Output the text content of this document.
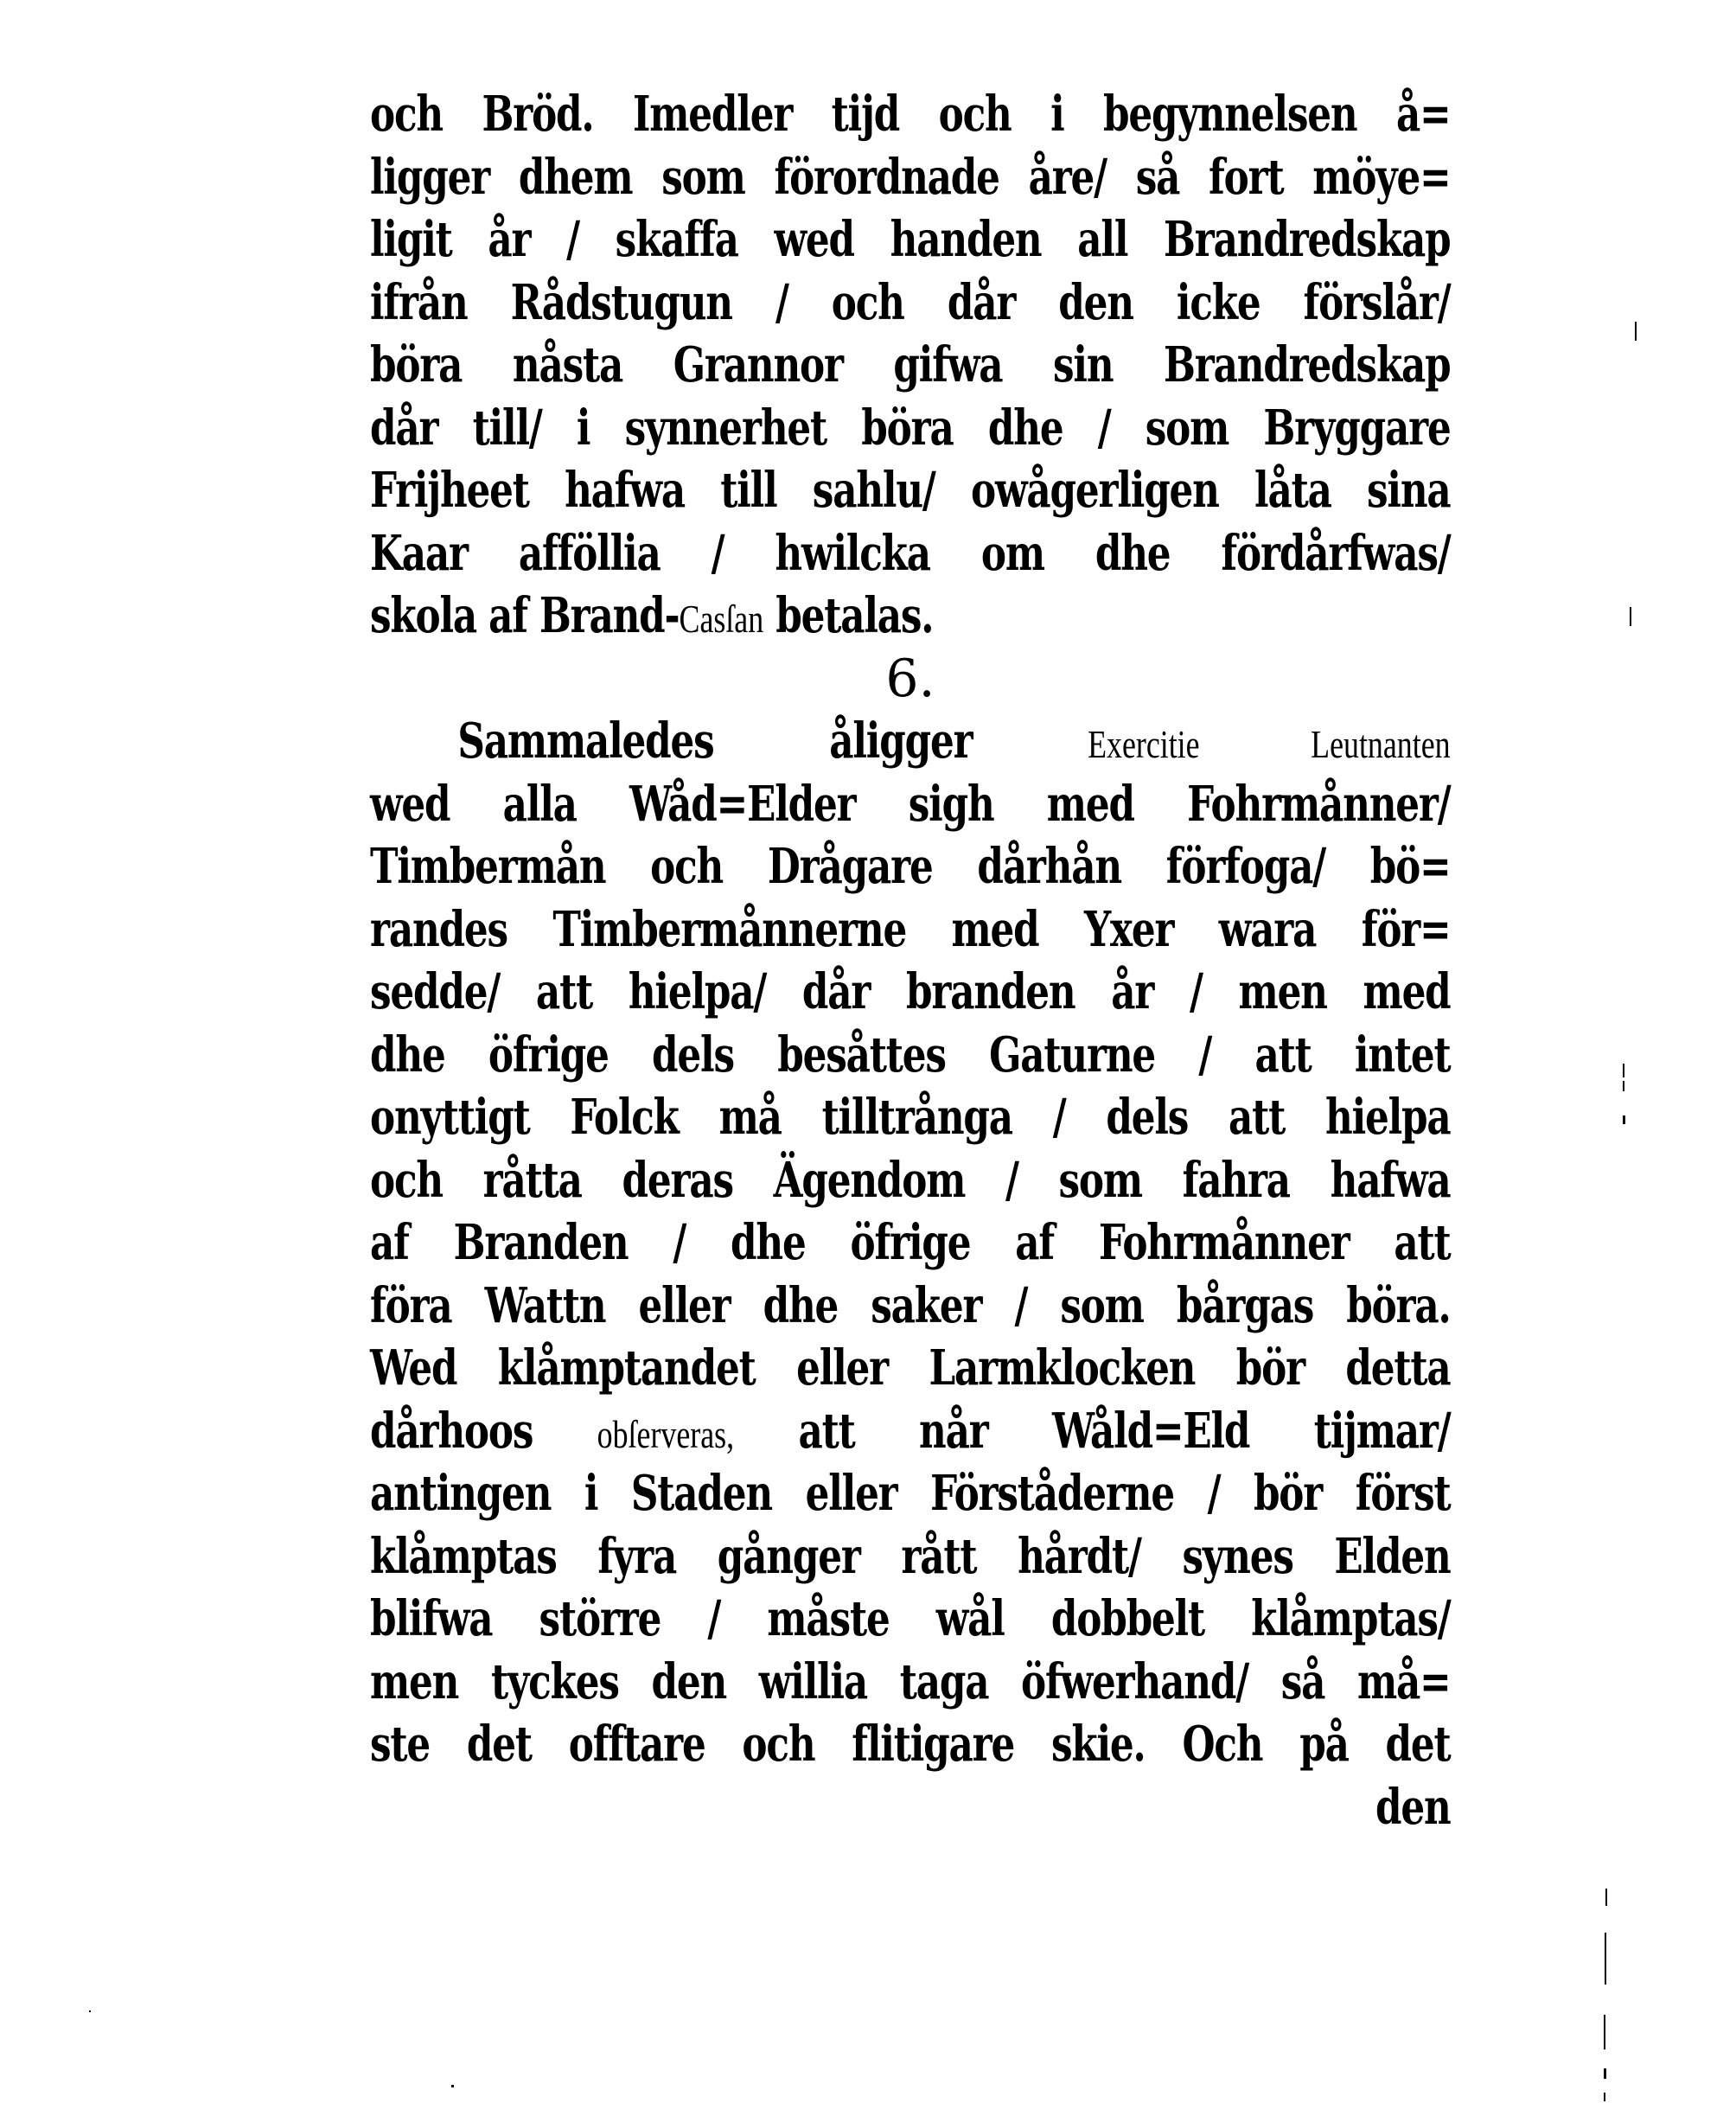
och Bröd. Imedler tijd och i begynnelsen å=
ligger dhem som förordnade åre/ så fort möye=
ligit år / skaffa wed handen all Brandredskap
ifrån Rådstugun / och dår den icke förslår/
böra nåsta Grannor gifwa sin Brandredskap
dår till/ i synnerhet böra dhe / som Bryggare
Frijheet hafwa till sahlu/ owågerligen låta sina
Kaar afföllia / hwilcka om dhe fördårfwas/
skola af Brand-Casſan betalas.
6.
Sammaledes åligger Exercitie Leutnanten
wed alla Wåd=Elder sigh med Fohrmånner/
Timbermån och Drågare dårhån förfoga/ bö=
randes Timbermånnerne med Yxer wara för=
sedde/ att hielpa/ dår branden år / men med
dhe öfrige dels besåttes Gaturne / att intet
onyttigt Folck må tilltrånga / dels att hielpa
och råtta deras Ägendom / som fahra hafwa
af Branden / dhe öfrige af Fohrmånner att
föra Wattn eller dhe saker / som bårgas böra.
Wed klåmptandet eller Larmklocken bör detta
dårhoos obſerveras, att når Wåld=Eld tijmar/
antingen i Staden eller Förståderne / bör först
klåmptas fyra gånger rått hårdt/ synes Elden
blifwa större / måste wål dobbelt klåmptas/
men tyckes den willia taga öfwerhand/ så må=
ste det offtare och flitigare skie. Och på det
den
